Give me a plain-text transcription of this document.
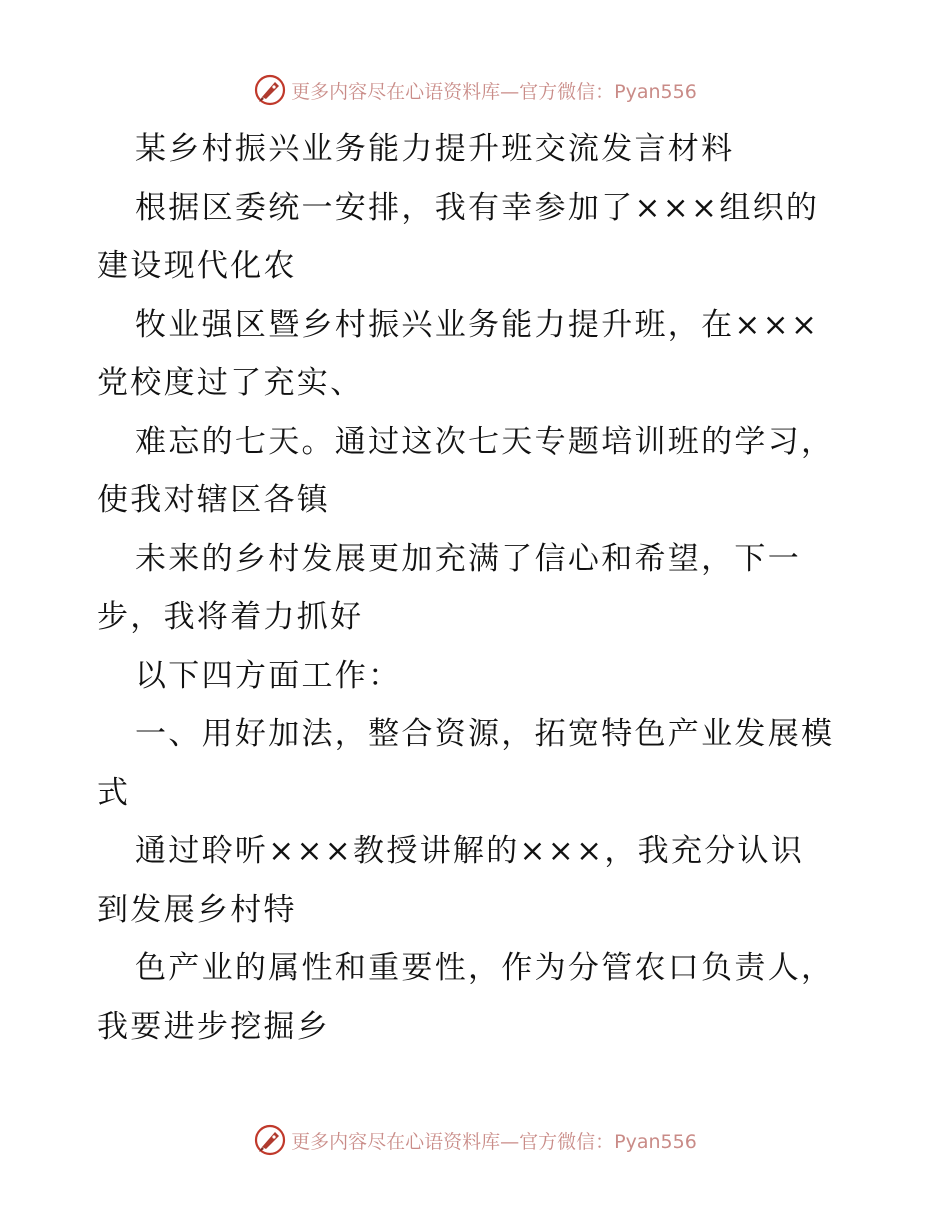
更多内容尽在心语资料库—官方微信：Pyan556
某乡村振兴业务能力提升班交流发言材料
根据区委统一安排，我有幸参加了×××组织的
建设现代化农
牧业强区暨乡村振兴业务能力提升班，在×××
党校度过了充实、
难忘的七天。通过这次七天专题培训班的学习，
使我对辖区各镇
未来的乡村发展更加充满了信心和希望，下一
步，我将着力抓好
以下四方面工作：
一、用好加法，整合资源，拓宽特色产业发展模
式
通过聆听×××教授讲解的×××，我充分认识
到发展乡村特
色产业的属性和重要性，作为分管农口负责人，
我要进步挖掘乡
更多内容尽在心语资料库—官方微信：Pyan556
